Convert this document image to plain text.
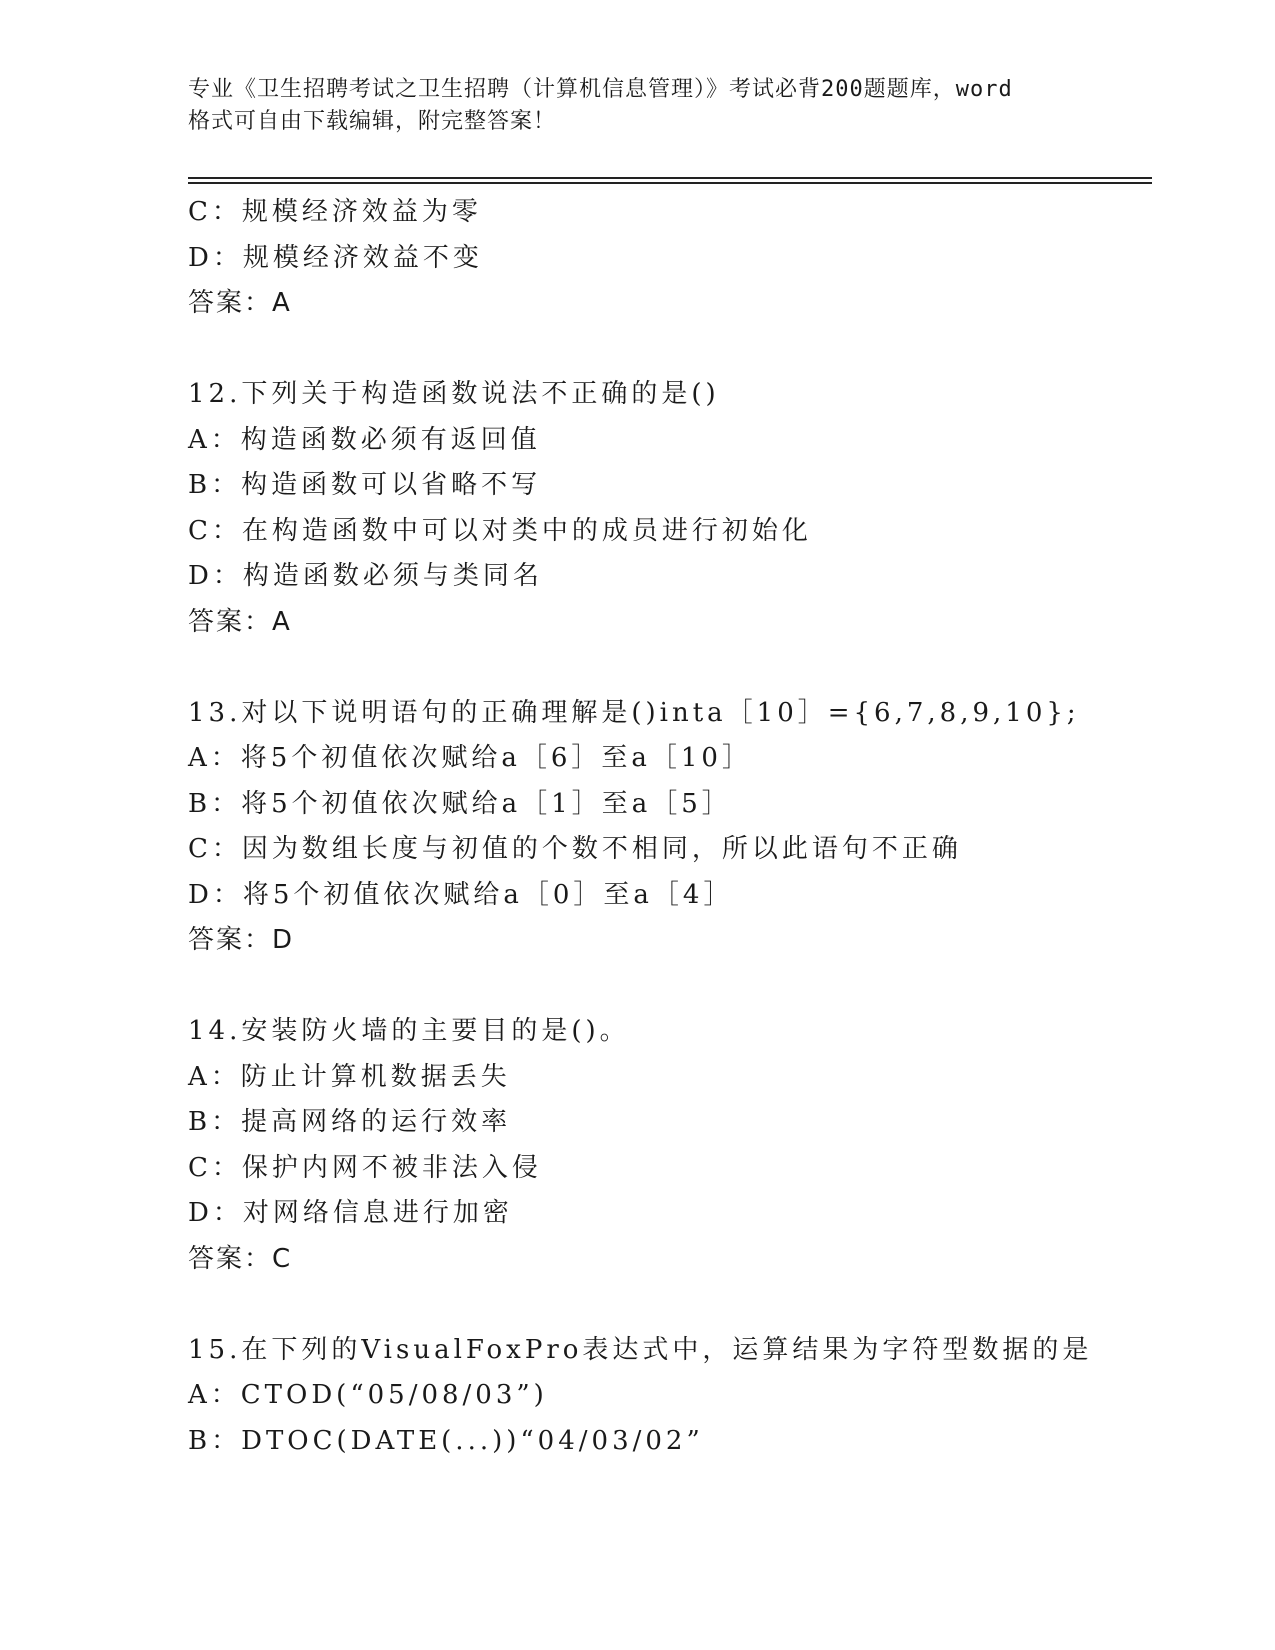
专业《卫生招聘考试之卫生招聘（计算机信息管理）》考试必背200题题库，word
格式可自由下载编辑，附完整答案！
C：规模经济效益为零
D：规模经济效益不变
答案：A
12.下列关于构造函数说法不正确的是()
A：构造函数必须有返回值
B：构造函数可以省略不写
C：在构造函数中可以对类中的成员进行初始化
D：构造函数必须与类同名
答案：A
13.对以下说明语句的正确理解是()inta［10］={6,7,8,9,10};
A：将5个初值依次赋给a［6］至a［10］
B：将5个初值依次赋给a［1］至a［5］
C：因为数组长度与初值的个数不相同，所以此语句不正确
D：将5个初值依次赋给a［0］至a［4］
答案：D
14.安装防火墙的主要目的是()。
A：防止计算机数据丢失
B：提高网络的运行效率
C：保护内网不被非法入侵
D：对网络信息进行加密
答案：C
15.在下列的VisualFoxPro表达式中，运算结果为字符型数据的是
A：CTOD(“05/08/03”)
B：DTOC(DATE(...))“04/03/02”
